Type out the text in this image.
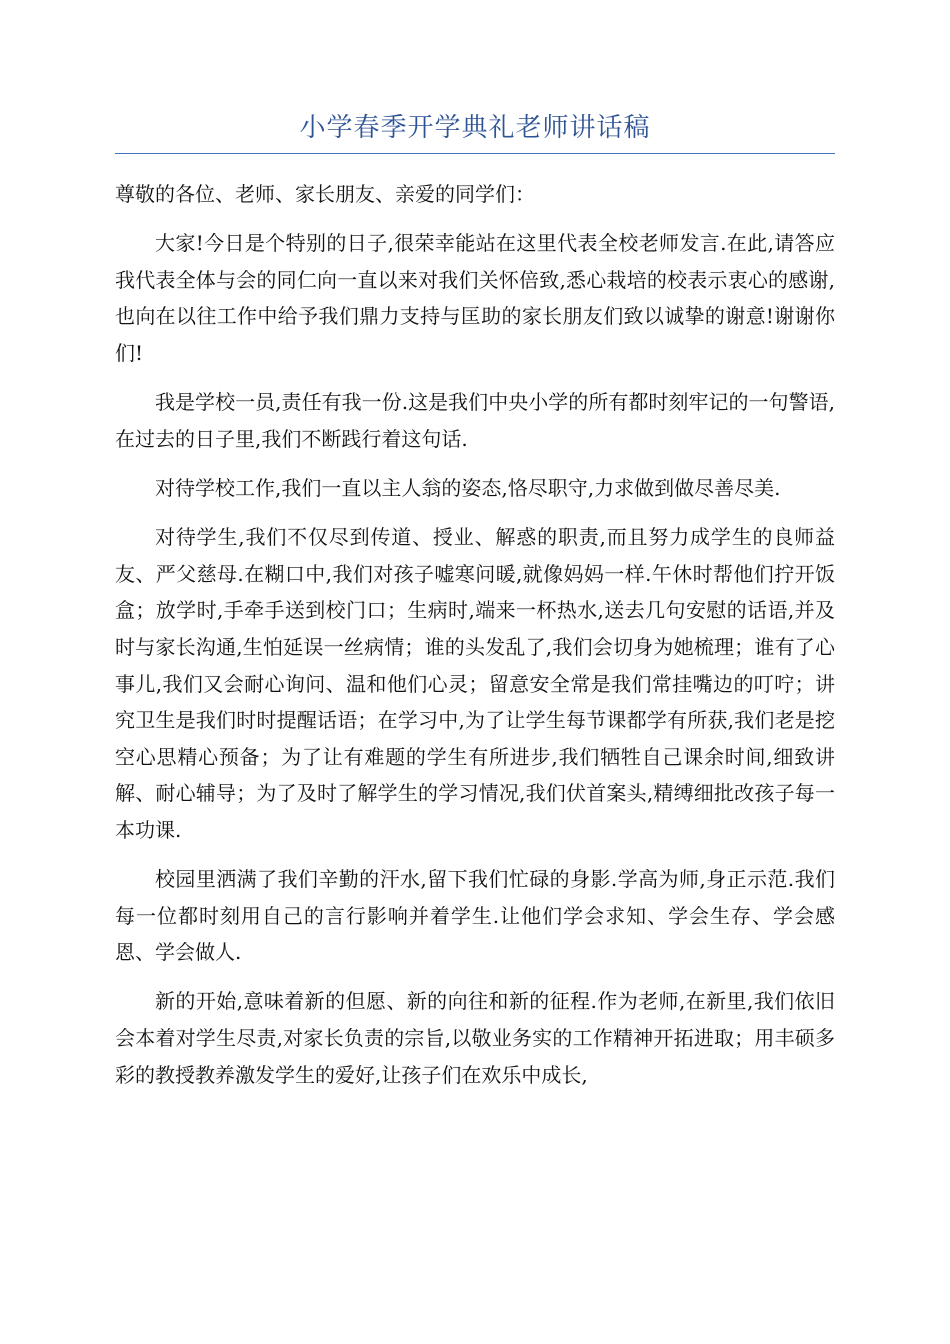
小学春季开学典礼老师讲话稿

尊敬的各位、老师、家长朋友、亲爱的同学们：

大家!今日是个特别的日子,很荣幸能站在这里代表全校老师发言.在此,请答应我代表全体与会的同仁向一直以来对我们关怀倍致,悉心栽培的校表示衷心的感谢,也向在以往工作中给予我们鼎力支持与匡助的家长朋友们致以诚挚的谢意!谢谢你们!

我是学校一员,责任有我一份.这是我们中央小学的所有都时刻牢记的一句警语,在过去的日子里,我们不断践行着这句话.

对待学校工作,我们一直以主人翁的姿态,恪尽职守,力求做到做尽善尽美.

对待学生,我们不仅尽到传道、授业、解惑的职责,而且努力成学生的良师益友、严父慈母.在糊口中,我们对孩子嘘寒问暖,就像妈妈一样.午休时帮他们拧开饭盒；放学时,手牵手送到校门口；生病时,端来一杯热水,送去几句安慰的话语,并及时与家长沟通,生怕延误一丝病情；谁的头发乱了,我们会切身为她梳理；谁有了心事儿,我们又会耐心询问、温和他们心灵；留意安全常是我们常挂嘴边的叮咛；讲究卫生是我们时时提醒话语；在学习中,为了让学生每节课都学有所获,我们老是挖空心思精心预备；为了让有难题的学生有所进步,我们牺牲自己课余时间,细致讲解、耐心辅导；为了及时了解学生的学习情况,我们伏首案头,精缚细批改孩子每一本功课.

校园里洒满了我们辛勤的汗水,留下我们忙碌的身影.学高为师,身正示范.我们每一位都时刻用自己的言行影响并着学生.让他们学会求知、学会生存、学会感恩、学会做人.

新的开始,意味着新的但愿、新的向往和新的征程.作为老师,在新里,我们依旧会本着对学生尽责,对家长负责的宗旨,以敬业务实的工作精神开拓进取；用丰硕多彩的教授教养激发学生的爱好,让孩子们在欢乐中成长,
